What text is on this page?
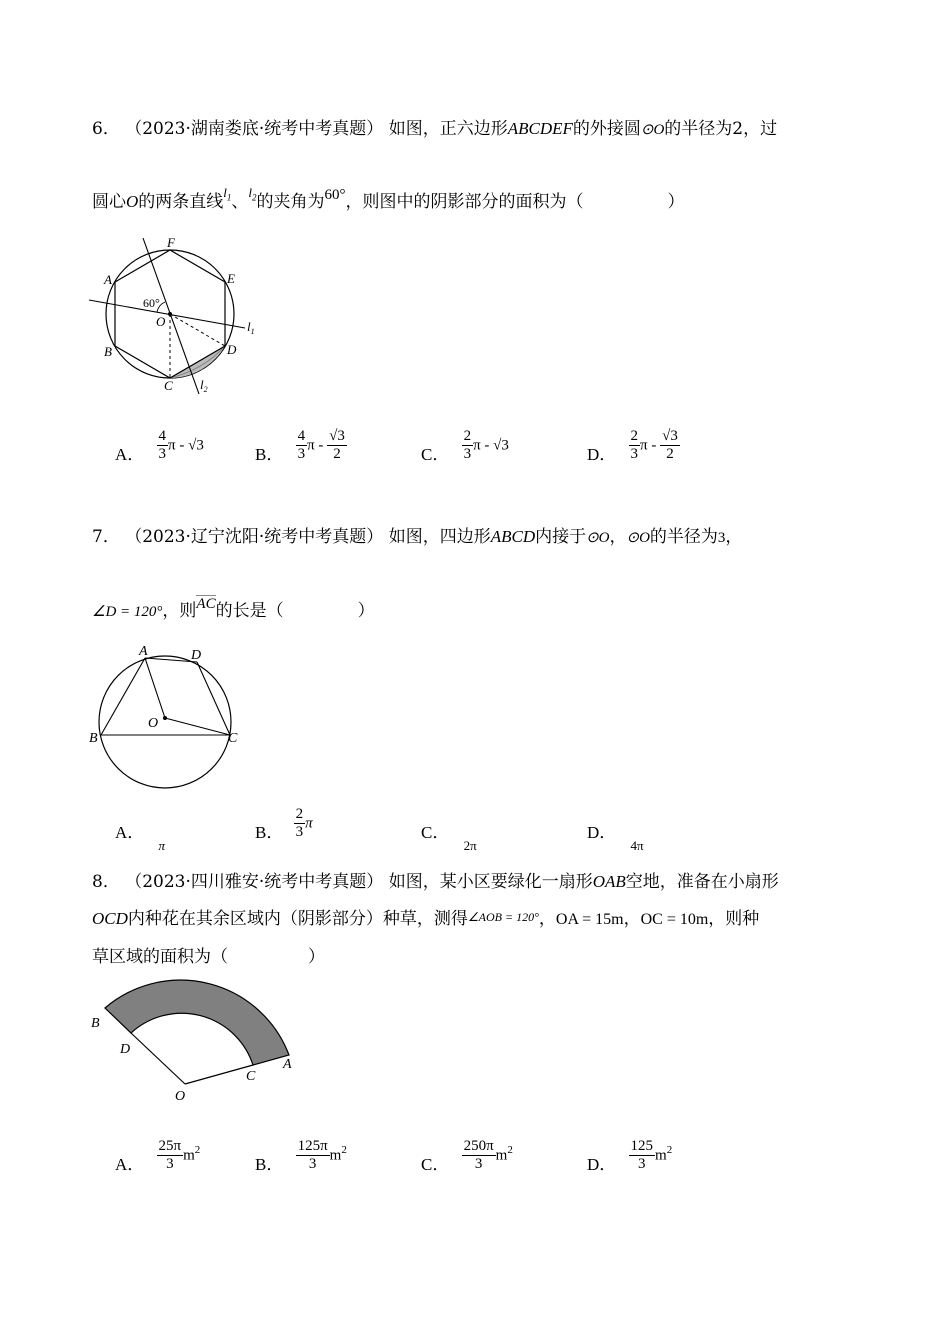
6． （2023·湖南娄底·统考中考真题） 如图，正六边形ABCDEF的外接圆⊙O的半径为2，过
圆心O的两条直线$^{l_1}$、$^{l_2}$的夹角为60°，则图中的阴影部分的面积为（	）
F
A	E
B	D
C
O
60°
$l_1$
$l_2$
A． $\frac{4}{3}$ π - √3	B． $\frac{4}{3}$ π - $\frac{√3}{2}$	C． $\frac{2}{3}$ π - √3	D． $\frac{2}{3}$ π - $\frac{√3}{2}$
7． （2023·辽宁沈阳·统考中考真题） 如图，四边形ABCD内接于⊙O，⊙O的半径为3，
∠D = 120°，则AC的长是（	）
A	D
O
B	C
A． $_\pi$
B． $\frac{2}{3}$ π	C． $_{2\pi}$
D． $_{4\pi}$
8． （2023·四川雅安·统考中考真题） 如图，某小区要绿化一扇形OAB空地，准备在小扇形
OCD内种花在其余区域内（阴影部分）种草，测得∠AOB = 120°，OA = 15m，OC = 10m，则种
草区域的面积为（	）
B
D
C
A
O
A． $\frac{25\pi}{3} m^2$
B． $\frac{125\pi}{3} m^2$
C． $\frac{250\pi}{3} m^2$
D． $\frac{125}{3} m^2$
